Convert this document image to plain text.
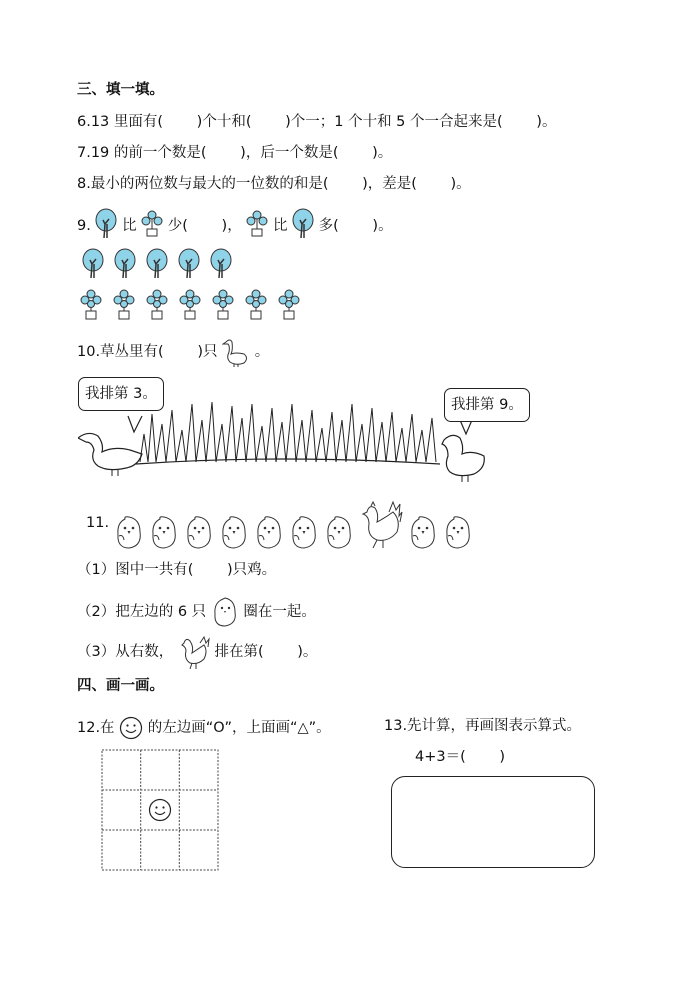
三、填一填。
6.13 里面有(　　 )个十和(　　 )个一；1 个十和 5 个一合起来是(　　 )。
7.19 的前一个数是(　　 )，后一个数是(　　 )。
8.最小的两位数与最大的一位数的和是(　　 )，差是(　　 )。
9. 比 少(　　 )， 比 多(　　 )。
10.草丛里有(　　 )只	。
我排第 3。
我排第 9。
11.
（1）图中一共有(　　 )只鸡。
（2）把左边的 6 只	圈在一起。
（3）从右数，	排在第(　　 )。
四、画一画。
12.在 的左边画“O”，上面画“△”。	13.先计算，再画图表示算式。
4+3＝(　　 )
